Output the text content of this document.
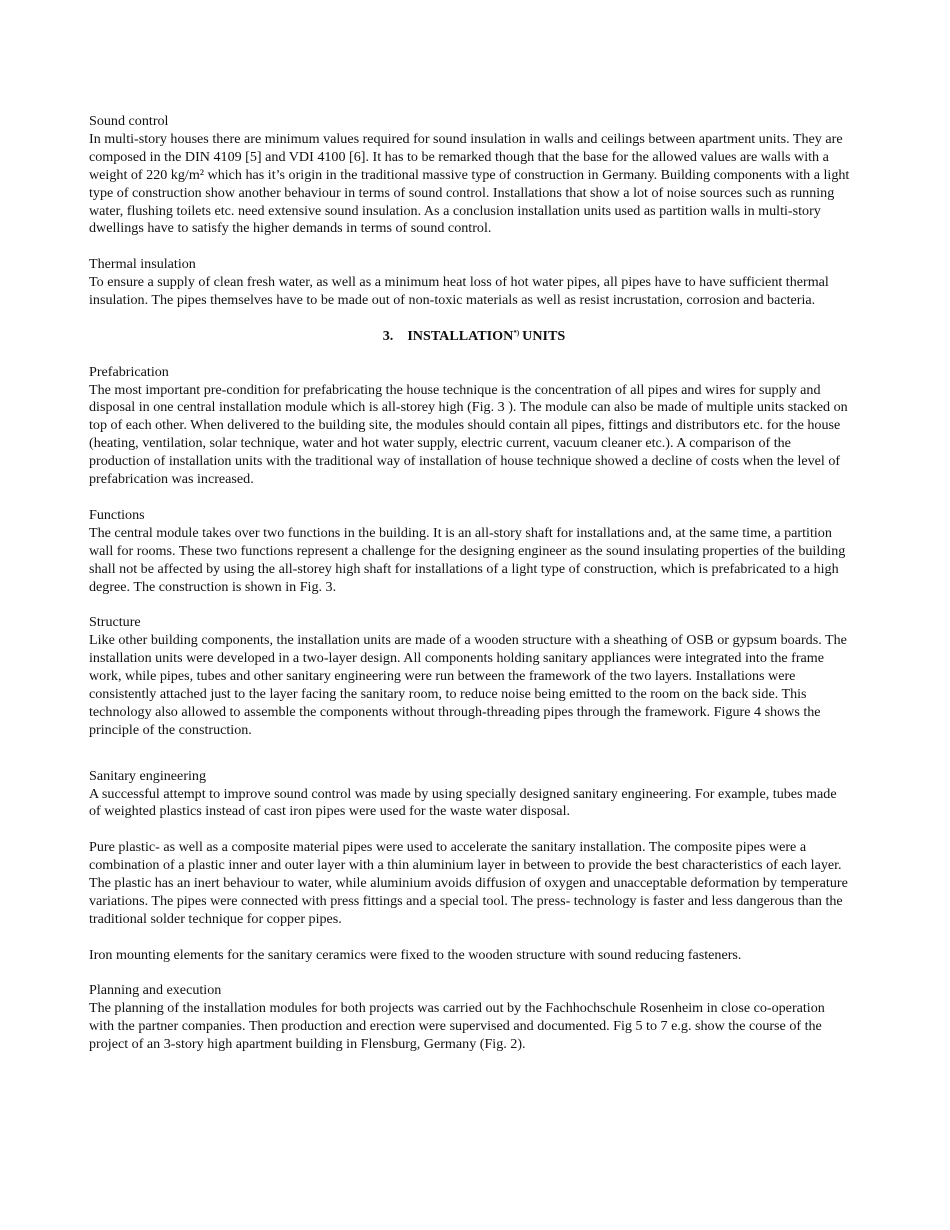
Sound control
In multi-story houses there are minimum values required for sound insulation in walls and ceilings between apartment units. They are composed in the DIN 4109 [5] and VDI 4100 [6]. It has to be remarked though that the base for the allowed values are walls with a weight of 220 kg/m² which has it’s origin in the traditional massive type of construction in Germany. Building components with a light type of construction show another behaviour in terms of sound control. Installations that show a lot of noise sources such as running water, flushing toilets etc. need extensive sound insulation. As a conclusion installation units used as partition walls in multi-story dwellings have to satisfy the higher demands in terms of sound control.
Thermal insulation
To ensure a supply of clean fresh water, as well as a minimum heat loss of hot water pipes, all pipes have to have sufficient thermal insulation. The pipes themselves have to be made out of non-toxic materials as well as resist incrustation, corrosion and bacteria.
3. INSTALLATION*) UNITS
Prefabrication
The most important pre-condition for prefabricating the house technique is the concentration of all pipes and wires for supply and disposal in one central installation module which is all-storey high (Fig. 3 ). The module can also be made of multiple units stacked on top of each other. When delivered to the building site, the modules should contain all pipes, fittings and distributors etc. for the house (heating, ventilation, solar technique, water and hot water supply, electric current, vacuum cleaner etc.). A comparison of the production of installation units with the traditional way of installation of house technique showed a decline of costs when the level of prefabrication was increased.
Functions
The central module takes over two functions in the building. It is an all-story shaft for installations and, at the same time, a partition wall for rooms. These two functions represent a challenge for the designing engineer as the sound insulating properties of the building shall not be affected by using the all-storey high shaft for installations of a light type of construction, which is prefabricated to a high degree. The construction is shown in Fig. 3.
Structure
Like other building components, the installation units are made of a wooden structure with a sheathing of OSB or gypsum boards. The installation units were developed in a two-layer design. All components holding sanitary appliances were integrated into the frame work, while pipes, tubes and other sanitary engineering were run between the framework of the two layers. Installations were consistently attached just to the layer facing the sanitary room, to reduce noise being emitted to the room on the back side. This technology also allowed to assemble the components without through-threading pipes through the framework. Figure 4 shows the principle of the construction.
Sanitary engineering
A successful attempt to improve sound control was made by using specially designed sanitary engineering. For example, tubes made of weighted plastics instead of cast iron pipes were used for the waste water disposal.
Pure plastic- as well as a composite material pipes were used to accelerate the sanitary installation. The composite pipes were a combination of a plastic inner and outer layer with a thin aluminium layer in between to provide the best characteristics of each layer. The plastic has an inert behaviour to water, while aluminium avoids diffusion of oxygen and unacceptable deformation by temperature variations. The pipes were connected with press fittings and a special tool. The press- technology is faster and less dangerous than the traditional solder technique for copper pipes.
Iron mounting elements for the sanitary ceramics were fixed to the wooden structure with sound reducing fasteners.
Planning and execution
The planning of the installation modules for both projects was carried out by the Fachhochschule Rosenheim in close co-operation with the partner companies. Then production and erection were supervised and documented. Fig 5 to 7 e.g. show the course of the project of an 3-story high apartment building in Flensburg, Germany (Fig. 2).
